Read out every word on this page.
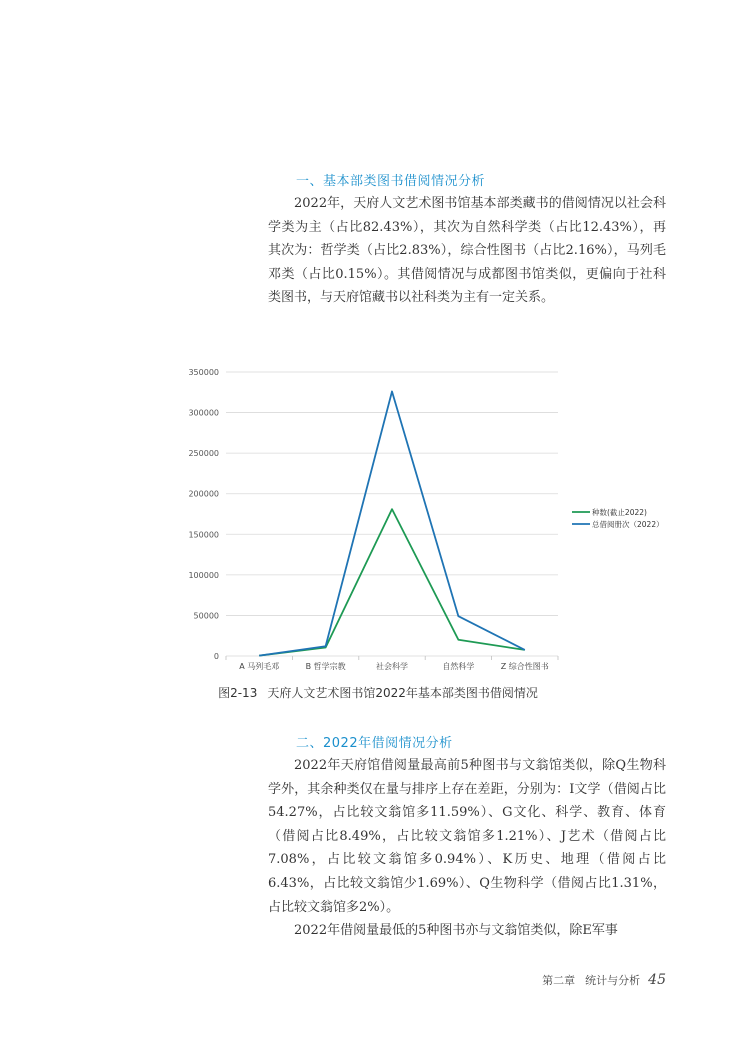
一、基本部类图书借阅情况分析

2022年，天府人文艺术图书馆基本部类藏书的借阅情况以社会科学类为主（占比82.43%），其次为自然科学类（占比12.43%），再其次为：哲学类（占比2.83%），综合性图书（占比2.16%），马列毛邓类（占比0.15%）。其借阅情况与成都图书馆类似，更偏向于社科类图书，与天府馆藏书以社科类为主有一定关系。

0
50000
100000
150000
200000
250000
300000
350000
A 马列毛邓	B 哲学宗教	社会科学	自然科学	Z 综合性图书
种数(截止2022)
总借阅册次（2022）
图2-13 天府人文艺术图书馆2022年基本部类图书借阅情况
二、2022年借阅情况分析

2022年天府馆借阅量最高前5种图书与文翁馆类似，除Q生物科学外，其余种类仅在量与排序上存在差距，分别为：I文学（借阅占比54.27%，占比较文翁馆多11.59%）、G文化、科学、教育、体育（借阅占比8.49%，占比较文翁馆多1.21%）、J艺术（借阅占比7.08%，占比较文翁馆多0.94%）、K历史、地理（借阅占比6.43%，占比较文翁馆少1.69%）、Q生物科学（借阅占比1.31%，占比较文翁馆多2%）。

2022年借阅量最低的5种图书亦与文翁馆类似，除E军事

第二章 统计与分析 45
